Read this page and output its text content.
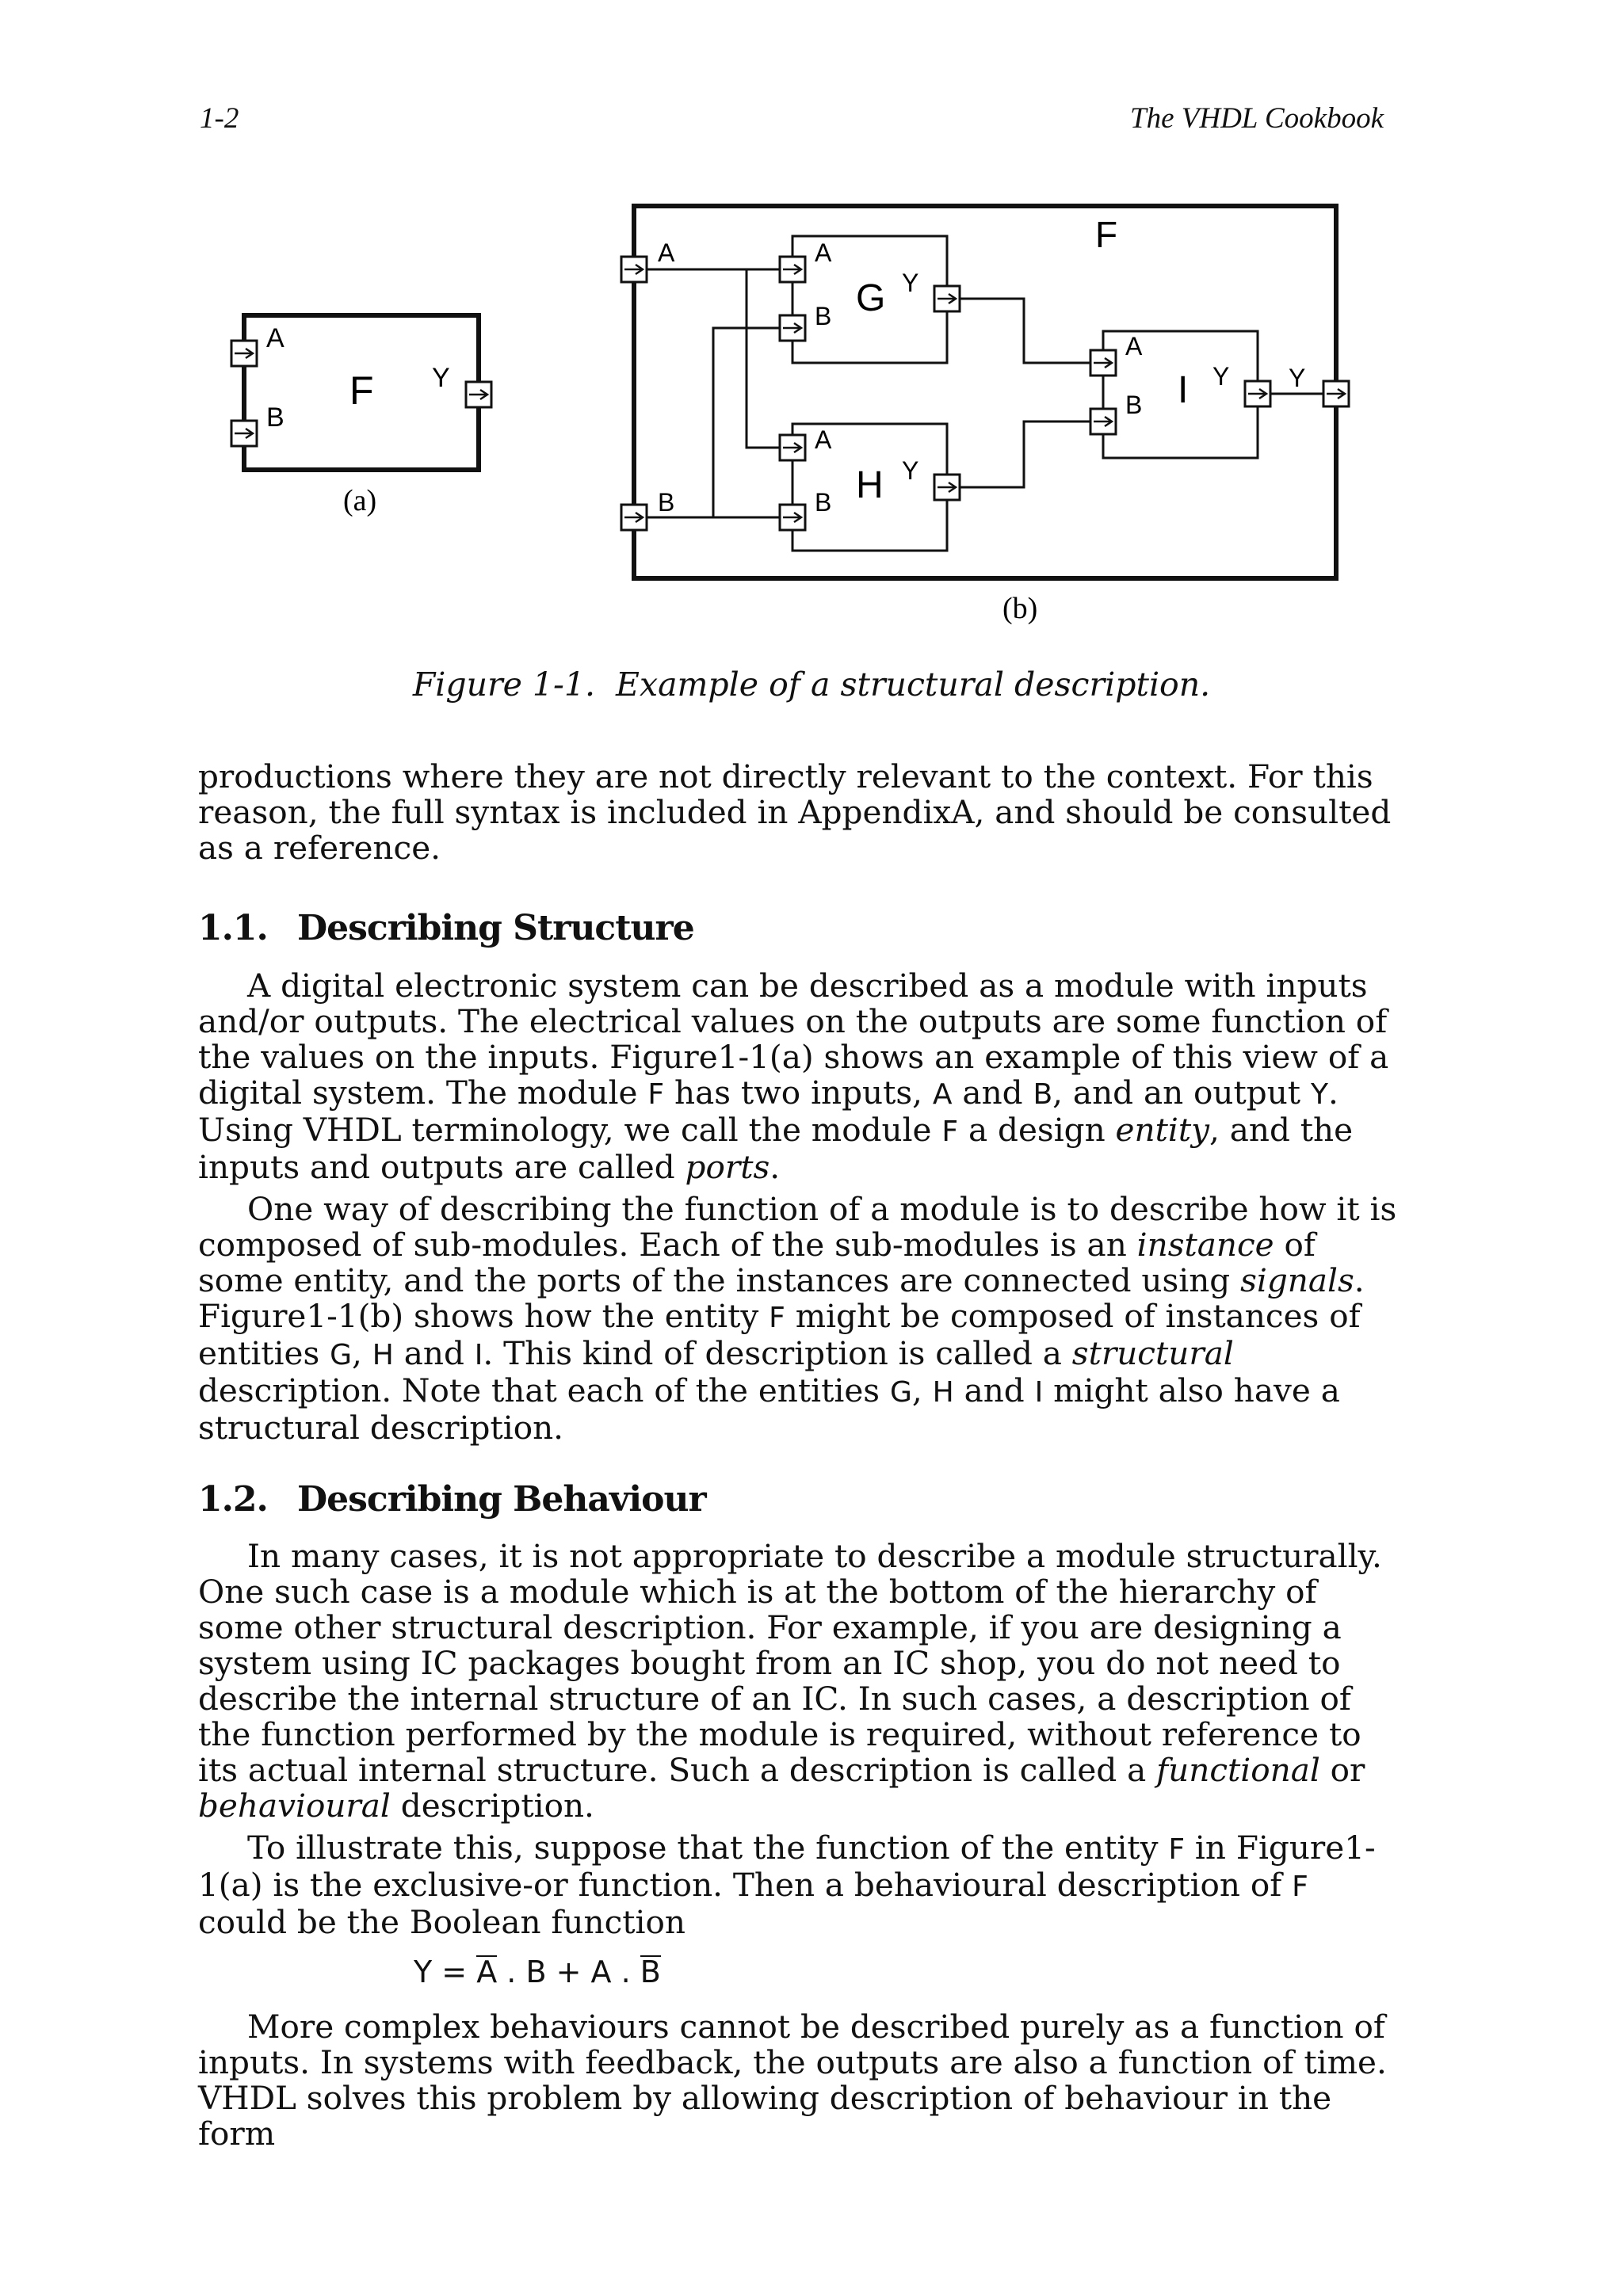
1-2	The VHDL Cookbook
A
B
Y
F
(a)
F
A
B
Y
A
B
Y
G
A
B
Y
H
A
B
Y
I
(b)
Figure 1-1.  Example of a structural description.

productions where they are not directly relevant to the context. For this

reason, the full syntax is included in AppendixA, and should be consulted

as a reference.

1.1. Describing Structure

A digital electronic system can be described as a module with inputs and/or outputs. The electrical values on the outputs are some function of the values on the inputs. Figure1-1(a) shows an example of this view of a digital system. The module F has two inputs, A and B, and an output Y. Using VHDL terminology, we call the module F a design entity, and the inputs and outputs are called ports.

One way of describing the function of a module is to describe how it is composed of sub-modules. Each of the sub-modules is an instance of some entity, and the ports of the instances are connected using signals. Figure1-1(b) shows how the entity F might be composed of instances of entities G, H and I. This kind of description is called a structural description. Note that each of the entities G, H and I might also have a structural description.

1.2. Describing Behaviour

In many cases, it is not appropriate to describe a module structurally. One such case is a module which is at the bottom of the hierarchy of some other structural description. For example, if you are designing a system using IC packages bought from an IC shop, you do not need to describe the internal structure of an IC. In such cases, a description of the function performed by the module is required, without reference to its actual internal structure. Such a description is called a functional or behavioural description.

To illustrate this, suppose that the function of the entity F in Figure1-1(a) is the exclusive-or function. Then a behavioural description of F could be the Boolean function

Y = A . B + A . B

More complex behaviours cannot be described purely as a function of inputs. In systems with feedback, the outputs are also a function of time. VHDL solves this problem by allowing description of behaviour in the form
